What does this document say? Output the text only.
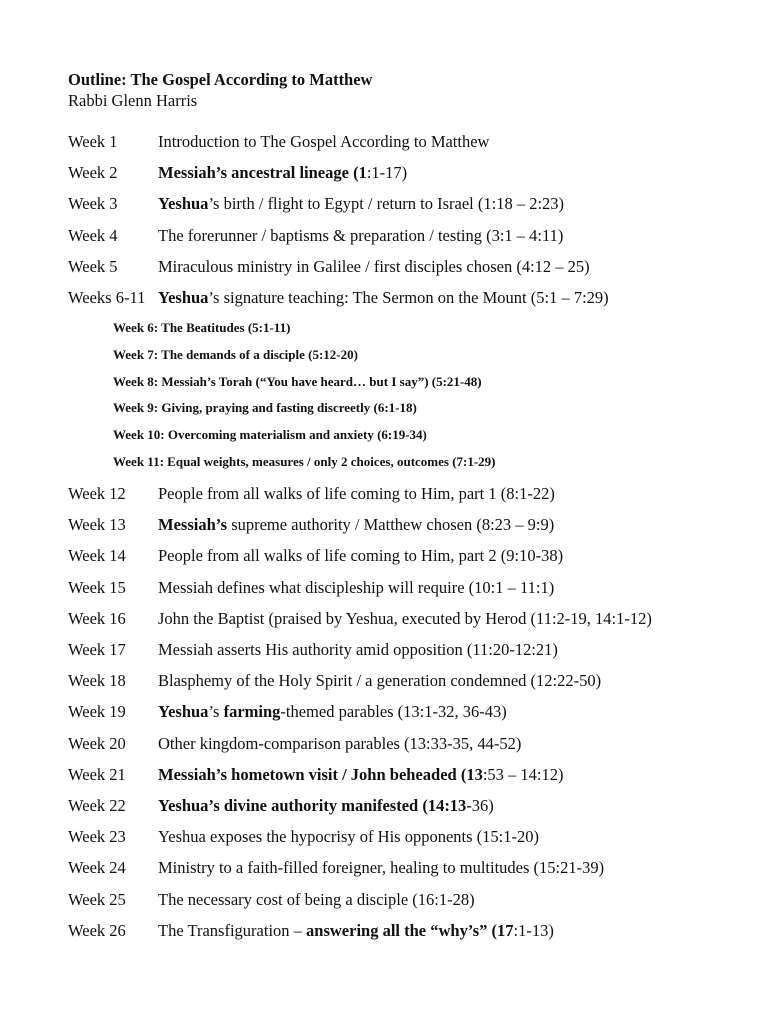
Outline: The Gospel According to Matthew
Rabbi Glenn Harris
Week 1 Introduction to The Gospel According to Matthew
Week 2 Messiah’s ancestral lineage (1:1-17)
Week 3 Yeshua’s birth / flight to Egypt / return to Israel (1:18 – 2:23)
Week 4 The forerunner / baptisms & preparation / testing (3:1 – 4:11)
Week 5 Miraculous ministry in Galilee / first disciples chosen (4:12 – 25)
Weeks 6-11 Yeshua’s signature teaching: The Sermon on the Mount (5:1 – 7:29)
Week 6: The Beatitudes (5:1-11)
Week 7: The demands of a disciple (5:12-20)
Week 8: Messiah’s Torah (“You have heard… but I say”) (5:21-48)
Week 9: Giving, praying and fasting discreetly (6:1-18)
Week 10: Overcoming materialism and anxiety (6:19-34)
Week 11: Equal weights, measures / only 2 choices, outcomes (7:1-29)
Week 12 People from all walks of life coming to Him, part 1 (8:1-22)
Week 13 Messiah’s supreme authority / Matthew chosen (8:23 – 9:9)
Week 14 People from all walks of life coming to Him, part 2 (9:10-38)
Week 15 Messiah defines what discipleship will require (10:1 – 11:1)
Week 16 John the Baptist (praised by Yeshua, executed by Herod (11:2-19, 14:1-12)
Week 17 Messiah asserts His authority amid opposition (11:20-12:21)
Week 18 Blasphemy of the Holy Spirit / a generation condemned (12:22-50)
Week 19 Yeshua’s farming-themed parables (13:1-32, 36-43)
Week 20 Other kingdom-comparison parables (13:33-35, 44-52)
Week 21 Messiah’s hometown visit / John beheaded (13:53 – 14:12)
Week 22 Yeshua’s divine authority manifested (14:13-36)
Week 23 Yeshua exposes the hypocrisy of His opponents (15:1-20)
Week 24 Ministry to a faith-filled foreigner, healing to multitudes (15:21-39)
Week 25 The necessary cost of being a disciple (16:1-28)
Week 26 The Transfiguration – answering all the “why’s” (17:1-13)
